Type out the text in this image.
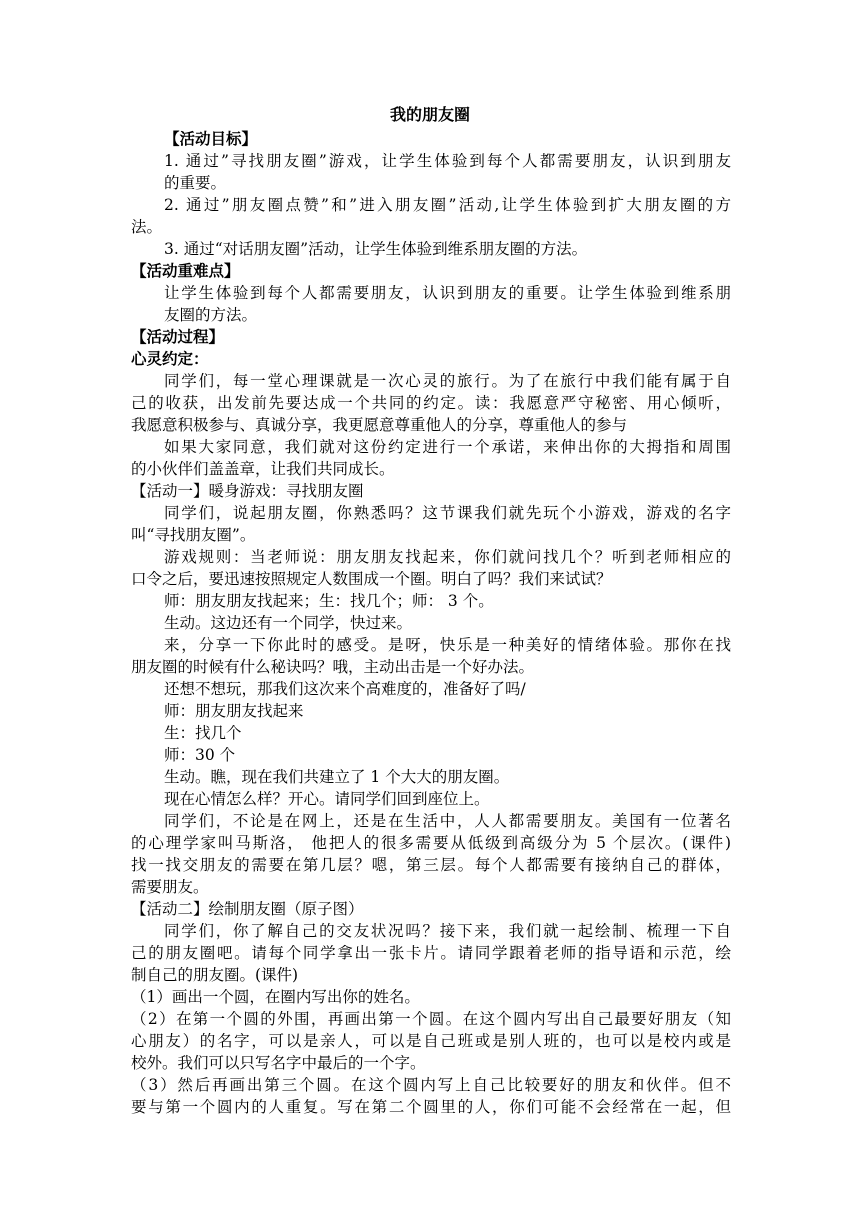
我的朋友圈
【活动目标】
1. 通过”寻找朋友圈”游戏，让学生体验到每个人都需要朋友，认识到朋友
的重要。
2. 通过”朋友圈点赞”和”进入朋友圈”活动,让学生体验到扩大朋友圈的方
法。
3. 通过“对话朋友圈”活动，让学生体验到维系朋友圈的方法。
【活动重难点】
让学生体验到每个人都需要朋友，认识到朋友的重要。让学生体验到维系朋
友圈的方法。
【活动过程】
心灵约定：
同学们，每一堂心理课就是一次心灵的旅行。为了在旅行中我们能有属于自
己的收获，出发前先要达成一个共同的约定。读：我愿意严守秘密、用心倾听，
我愿意积极参与、真诚分享，我更愿意尊重他人的分享，尊重他人的参与
如果大家同意，我们就对这份约定进行一个承诺，来伸出你的大拇指和周围
的小伙伴们盖盖章，让我们共同成长。
【活动一】暖身游戏：寻找朋友圈
同学们，说起朋友圈，你熟悉吗？这节课我们就先玩个小游戏，游戏的名字
叫“寻找朋友圈”。
游戏规则：当老师说：朋友朋友找起来，你们就问找几个？听到老师相应的
口令之后，要迅速按照规定人数围成一个圈。明白了吗？我们来试试？
师：朋友朋友找起来；生：找几个；师： 3 个。
生动。这边还有一个同学，快过来。
来，分享一下你此时的感受。是呀，快乐是一种美好的情绪体验。那你在找
朋友圈的时候有什么秘诀吗？哦，主动出击是一个好办法。
还想不想玩，那我们这次来个高难度的，准备好了吗/
师：朋友朋友找起来
生：找几个
师：30 个
生动。瞧，现在我们共建立了 1 个大大的朋友圈。
现在心情怎么样？开心。请同学们回到座位上。
同学们，不论是在网上，还是在生活中，人人都需要朋友。美国有一位著名
的心理学家叫马斯洛， 他把人的很多需要从低级到高级分为 5 个层次。(课件)
找一找交朋友的需要在第几层？嗯，第三层。每个人都需要有接纳自己的群体，
需要朋友。
【活动二】绘制朋友圈（原子图）
同学们，你了解自己的交友状况吗？接下来，我们就一起绘制、梳理一下自
己的朋友圈吧。请每个同学拿出一张卡片。请同学跟着老师的指导语和示范，绘
制自己的朋友圈。(课件)
（1）画出一个圆，在圈内写出你的姓名。
（2）在第一个圆的外围，再画出第一个圆。在这个圆内写出自己最要好朋友（知
心朋友）的名字，可以是亲人，可以是自己班或是别人班的，也可以是校内或是
校外。我们可以只写名字中最后的一个字。
（3）然后再画出第三个圆。在这个圆内写上自己比较要好的朋友和伙伴。但不
要与第一个圆内的人重复。写在第二个圆里的人，你们可能不会经常在一起，但
